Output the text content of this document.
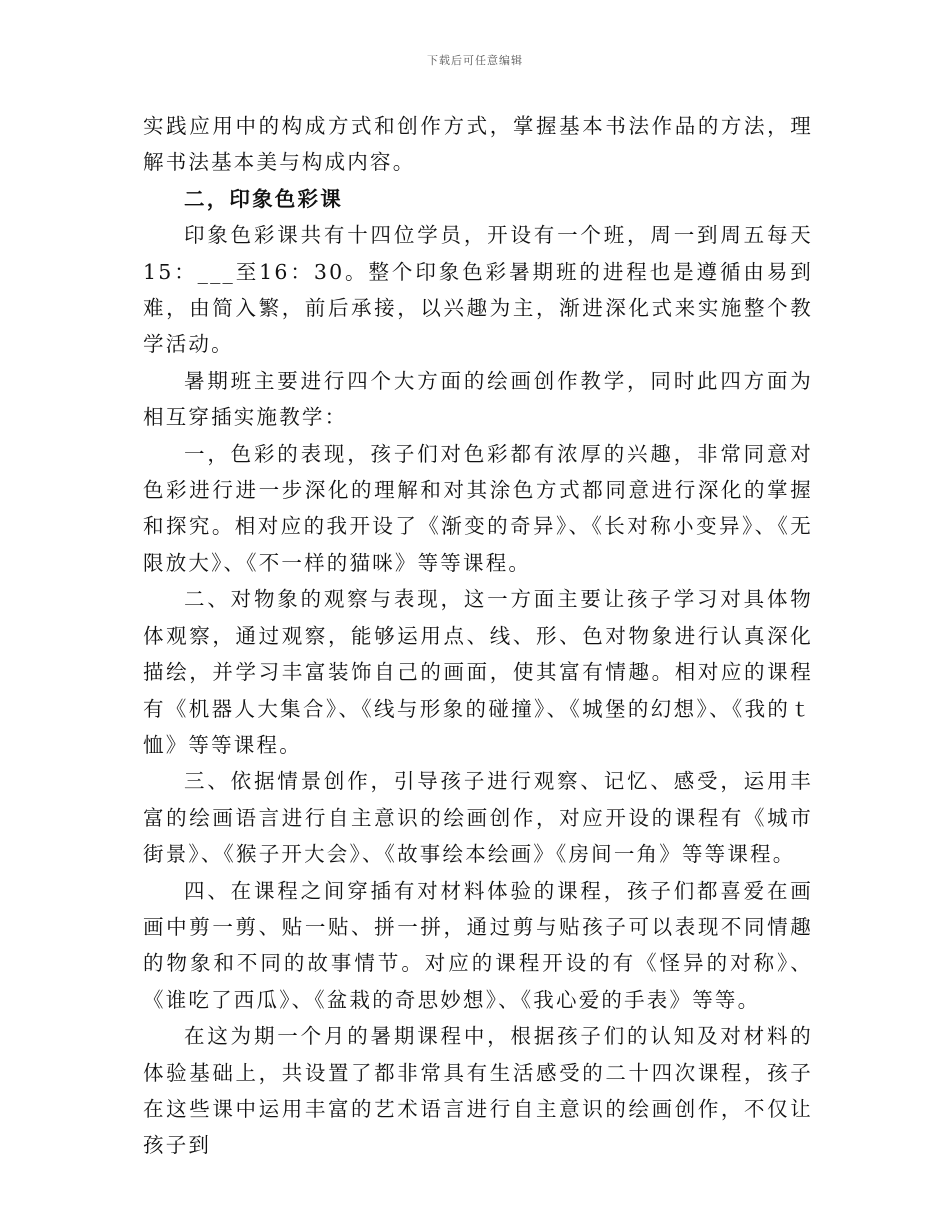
下载后可任意编辑

实践应用中的构成方式和创作方式，掌握基本书法作品的方法，理解书法基本美与构成内容。

二，印象色彩课

印象色彩课共有十四位学员，开设有一个班，周一到周五每天15：___至16：30。整个印象色彩暑期班的进程也是遵循由易到难，由简入繁，前后承接，以兴趣为主，渐进深化式来实施整个教学活动。

暑期班主要进行四个大方面的绘画创作教学，同时此四方面为相互穿插实施教学：

一，色彩的表现，孩子们对色彩都有浓厚的兴趣，非常同意对色彩进行进一步深化的理解和对其涂色方式都同意进行深化的掌握和探究。相对应的我开设了《渐变的奇异》、《长对称小变异》、《无限放大》、《不一样的猫咪》等等课程。

二、对物象的观察与表现，这一方面主要让孩子学习对具体物体观察，通过观察，能够运用点、线、形、色对物象进行认真深化描绘，并学习丰富装饰自己的画面，使其富有情趣。相对应的课程有《机器人大集合》、《线与形象的碰撞》、《城堡的幻想》、《我的ｔ恤》等等课程。

三、依据情景创作，引导孩子进行观察、记忆、感受，运用丰富的绘画语言进行自主意识的绘画创作，对应开设的课程有《城市街景》、《猴子开大会》、《故事绘本绘画》《房间一角》等等课程。

四、在课程之间穿插有对材料体验的课程，孩子们都喜爱在画画中剪一剪、贴一贴、拼一拼，通过剪与贴孩子可以表现不同情趣的物象和不同的故事情节。对应的课程开设的有《怪异的对称》、《谁吃了西瓜》、《盆栽的奇思妙想》、《我心爱的手表》等等。

在这为期一个月的暑期课程中，根据孩子们的认知及对材料的体验基础上，共设置了都非常具有生活感受的二十四次课程，孩子在这些课中运用丰富的艺术语言进行自主意识的绘画创作，不仅让孩子到
